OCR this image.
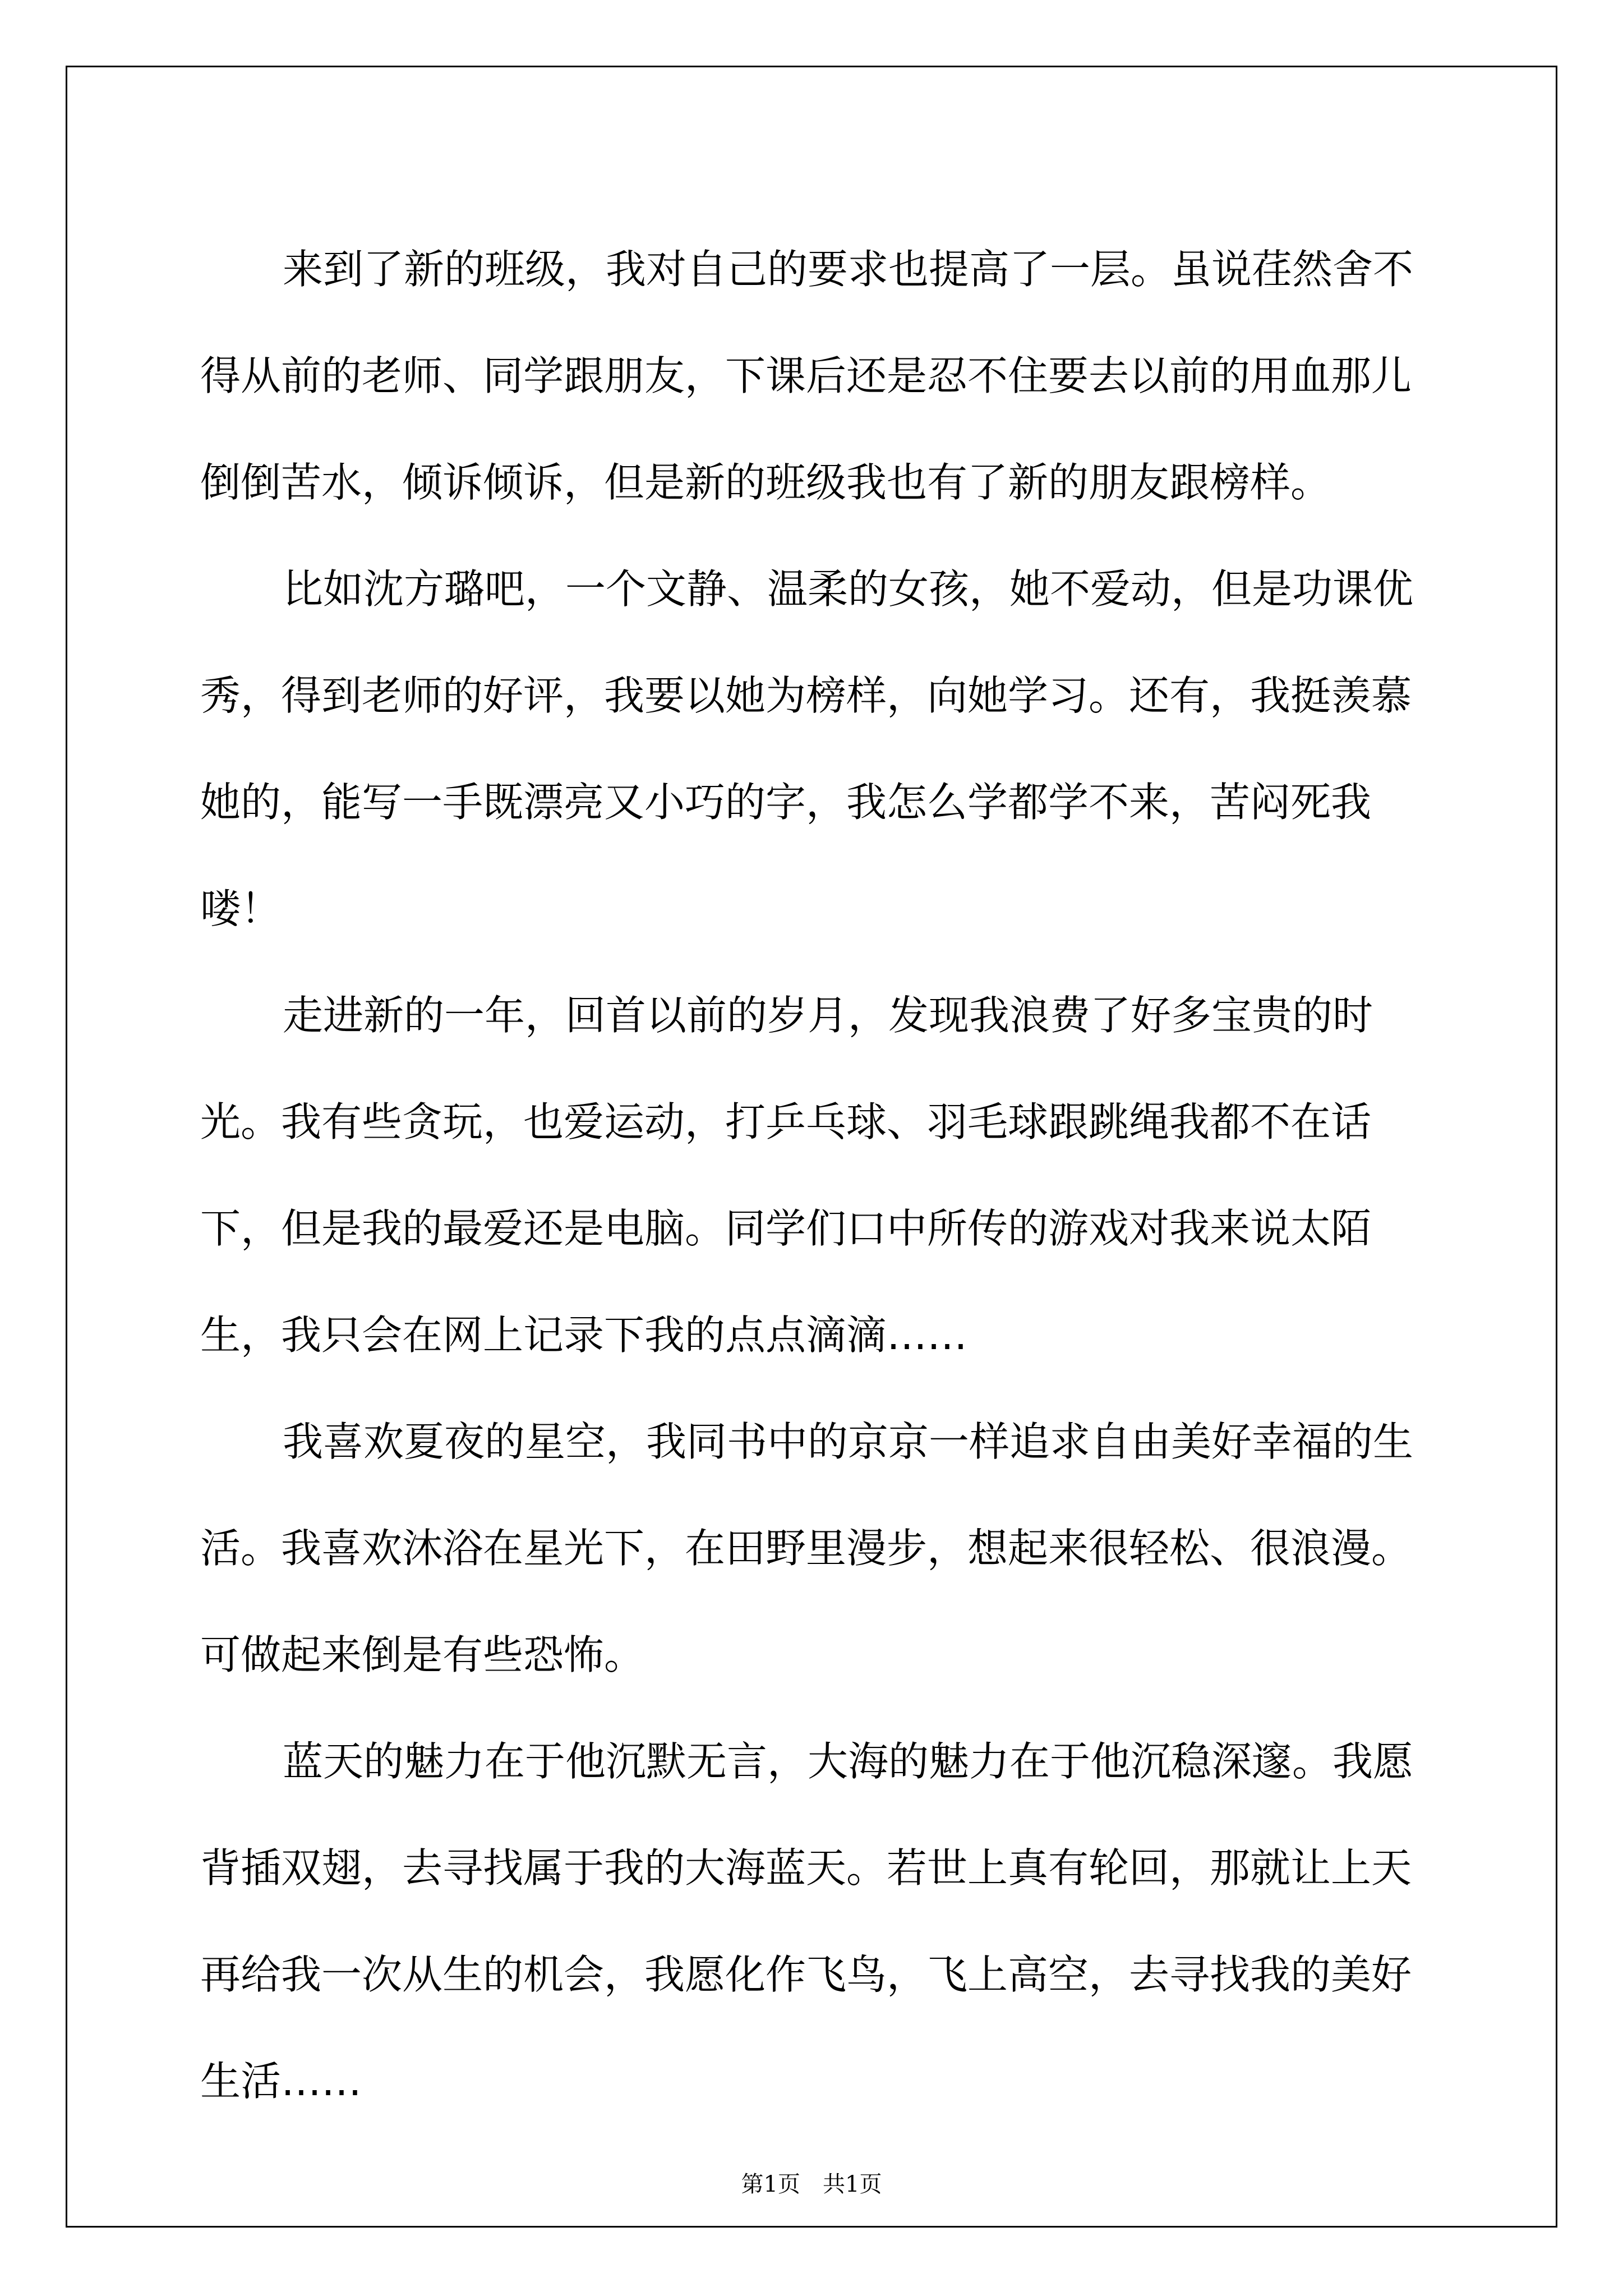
来到了新的班级，我对自己的要求也提高了一层。虽说荏然舍不得从前的老师、同学跟朋友，下课后还是忍不住要去以前的用血那儿倒倒苦水，倾诉倾诉，但是新的班级我也有了新的朋友跟榜样。

比如沈方璐吧，一个文静、温柔的女孩，她不爱动，但是功课优秀，得到老师的好评，我要以她为榜样，向她学习。还有，我挺羡慕她的，能写一手既漂亮又小巧的字，我怎么学都学不来，苦闷死我喽！

走进新的一年，回首以前的岁月，发现我浪费了好多宝贵的时光。我有些贪玩，也爱运动，打乒乓球、羽毛球跟跳绳我都不在话下，但是我的最爱还是电脑。同学们口中所传的游戏对我来说太陌生，我只会在网上记录下我的点点滴滴……

我喜欢夏夜的星空，我同书中的京京一样追求自由美好幸福的生活。我喜欢沐浴在星光下，在田野里漫步，想起来很轻松、很浪漫。可做起来倒是有些恐怖。

蓝天的魅力在于他沉默无言，大海的魅力在于他沉稳深邃。我愿背插双翅，去寻找属于我的大海蓝天。若世上真有轮回，那就让上天再给我一次从生的机会，我愿化作飞鸟，飞上高空，去寻找我的美好生活……

第1页 共1页
